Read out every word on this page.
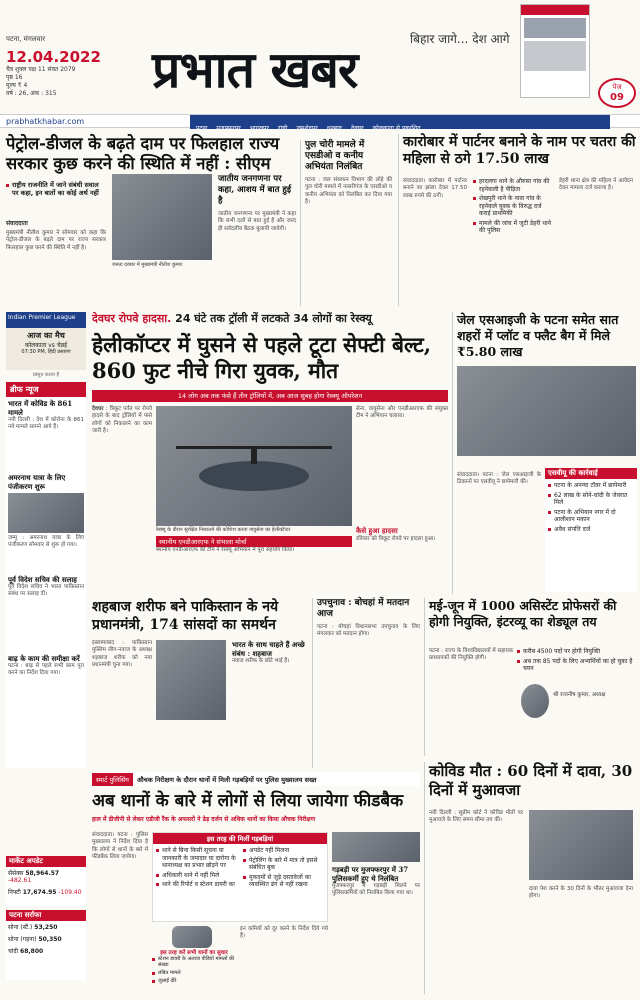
पटना, मंगलवार
12.04.2022
चैत्र शुक्ल पक्ष 11 संवत 2079
पृष्ठ 16
मूल्य ₹ 4
वर्ष : 26, अंक : 315
बिहार जागे... देश आगे
प्रभात खबर	पेज
09
prabhatkhabar.com
पटना मुजफ्फरपुर भागलपुर रांची जमशेदपुर धनबाद देवघर कोलकाता से प्रकाशित
पेट्रोल-डीजल के बढ़ते दाम पर फिलहाल राज्य सरकार कुछ करने की स्थिति में नहीं : सीएम
राष्ट्रीय राजनीति में जाने संबंधी सवाल पर कहा, इन बातों का कोई अर्थ नहीं
संवाददाता
मुख्यमंत्री नीतीश कुमार ने सोमवार को कहा कि पेट्रोल-डीजल के बढ़ते दाम पर राज्य सरकार फिलहाल कुछ करने की स्थिति में नहीं है।
जनता दरबार में मुख्यमंत्री नीतीश कुमार
जातीय जनगणना पर कहा, आशय में बात हुई है
जातीय जनगणना पर मुख्यमंत्री ने कहा कि सभी दलों से बात हुई है और जल्द ही सर्वदलीय बैठक बुलायी जायेगी।
पुल चोरी मामले में एसडीओ व कनीय अभियंता निलंबित
पटना : जल संसाधन विभाग की लोहे की पुल चोरी मामले में नासरीगंज के एसडीओ व कनीय अभियंता को निलंबित कर दिया गया है।
कारोबार में पार्टनर बनाने के नाम पर चतरा की महिला से ठगे 17.50 लाख
संवाददाता। कारोबार में पार्टनर बनाने का झांसा देकर 17.50 लाख रुपये की ठगी।
हरदलगा थाने के औरुसा गांव की रहनेवाली है पीड़िता
शेखपुरी थाने के नावा गांव के रहनेवाले युवक के विरुद्ध दर्ज कराई प्राथमिकी
मामले की जांच में जुटी डेहरी थाने की पुलिस
डेहरी थाना क्षेत्र की महिला ने आवेदन देकर मामला दर्ज कराया है।
Indian Premier League
आज का मैच
कोलकाता vs चेन्नई
07:30 PM, हिंदी प्रसारण
प्रस्तुत करता है
ब्रीफ न्यूज
भारत में कोविड के 861 मामले
नयी दिल्ली : देश में कोरोना के 861 नये मामले सामने आये हैं।
अमरनाथ यात्रा के लिए पंजीकरण शुरू
जम्मू : अमरनाथ यात्रा के लिए पंजीकरण सोमवार से शुरू हो गया।
पूर्व विदेश सचिव की सलाह
पूर्व विदेश सचिव ने भारत पाकिस्तान संबंध पर सलाह दी।
बाढ़ के काम की समीक्षा करें
पटना : बाढ़ से पहले सभी काम पूरा करने का निर्देश दिया गया।
मार्केट अपडेट
सेंसेक्स 58,964.57 -482.61
निफ्टी 17,674.95 -109.40
पटना सर्राफा
सोना (स्टैं.) 53,250
सोना (गहना) 50,350
चांदी 68,800
देवघर रोपवे हादसा. 24 घंटे तक ट्रॉली में लटकते 34 लोगों का रेस्क्यू
हेलीकॉप्टर में घुसने से पहले टूटा सेफ्टी बेल्ट, 860 फुट नीचे गिरा युवक, मौत
14 लोग अब तक फंसे हैं तीन ट्रॉलियों में, अब आज सुबह होगा रेस्क्यू ऑपरेशन
देवघर : त्रिकूट पर्वत पर रोपवे हादसे के बाद ट्रॉलियों में फंसे लोगों को निकालने का काम जारी है।
रेस्क्यू के दौरान सुरक्षित निकालने की कोशिश करता वायुसेना का हेलीकॉप्टर
स्थानीय एनडीआरएफ ने संभाला मोर्चा
स्थानीय एनडीआरएफ की टीम ने रेस्क्यू अभियान में पूरा सहयोग किया।
सेना, वायुसेना और एनडीआरएफ की संयुक्त टीम ने अभियान चलाया।
कैसे हुआ हादसा
रविवार को त्रिकूट रोपवे पर हादसा हुआ।
जेल एसआइजी के पटना समेत सात शहरों में प्लॉट व फ्लैट बैग में मिले ₹5.80 लाख
संवाददाता। पटना : जेल एसआइजी के ठिकानों पर एसवीयू ने छापेमारी की।
एसवीयू की कार्रवाई
पटना के अनन्या टॉवर में छापेमारी
62 लाख के सोने-चांदी के जेवरात मिले
पटना के अभियान नगर में दो आलीशान मकान
अवैध संपत्ति दर्ज
शहबाज शरीफ बने पाकिस्तान के नये प्रधानमंत्री, 174 सांसदों का समर्थन
इस्लामाबाद : पाकिस्तान मुस्लिम लीग-नवाज के अध्यक्ष शहबाज शरीफ को नया प्रधानमंत्री चुना गया।
भारत के साथ चाहते हैं अच्छे संबंध : शहबाज
नवाज शरीफ के छोटे भाई हैं।
उपचुनाव : बोचहां में मतदान आज
पटना : बोचहां विधानसभा उपचुनाव के लिए मंगलवार को मतदान होगा।
मई-जून में 1000 असिस्टेंट प्रोफेसरों की होगी नियुक्ति, इंटरव्यू का शेड्यूल तय
पटना : राज्य के विश्वविद्यालयों में सहायक प्राध्यापकों की नियुक्ति होगी।
करीब 4500 पदों पर होगी नियुक्ति
अब तक 85 पदों के लिए अभ्यर्थियों का हो चुका है चयन
श्री राजनीष कुमार, अध्यक्ष
कोविड मौत : 60 दिनों में दावा, 30 दिनों में मुआवजा
नयी दिल्ली : सुप्रीम कोर्ट ने कोविड मौतों पर मुआवजे के लिए समय सीमा तय की।
दावा पेश करने के 30 दिनों के भीतर मुआवजा देना होगा।
स्मार्ट पुलिसिंग	औचक निरीक्षण के दौरान थानों में मिली गड़बड़ियों पर पुलिस मुख्यालय सख्त
अब थानों के बारे में लोगों से लिया जायेगा फीडबैक
हाल में डीजीपी से लेकर एडीजी रैंक के अफसरों ने ढेड़ दर्जन से अधिक थानों का किया औचक निरीक्षण
संवाददाता। पटना : पुलिस मुख्यालय ने निर्देश दिया है कि लोगों से थानों के बारे में फीडबैक लिया जायेगा।
इस तरह की मिलीं गड़बड़ियां
थाने से बिना किसी सूचना या जानकारी के जमादार या दारोगा के थानाध्यक्ष का प्रभार छोड़ने पर
अधिकारी थाने में नहीं मिले
थाने की रिपोर्ट व स्टेशन डायरी का
अपडेट नहीं मिलना
पेट्रोलिंग के बारे में मात्र तो इससे संबंधित बुक
मुकदमों से जुड़े दस्तावेजों का व्यवस्थित ढंग से नहीं रखना
इस तरह करें सभी थानों का सुधार
स्टेशन डायरी के अलावा वीडियो मामलों की संख्या
लंबित मामले
जुलाई दौरे
इन कमियों को दूर करने के निर्देश दिये गये हैं।
गड़बड़ी पर मुजफ्फरपुर में 37 पुलिसकर्मी हुए थे निलंबित
मुजफ्फरपुर में गड़बड़ी मिलने पर पुलिसकर्मियों को निलंबित किया गया था।
